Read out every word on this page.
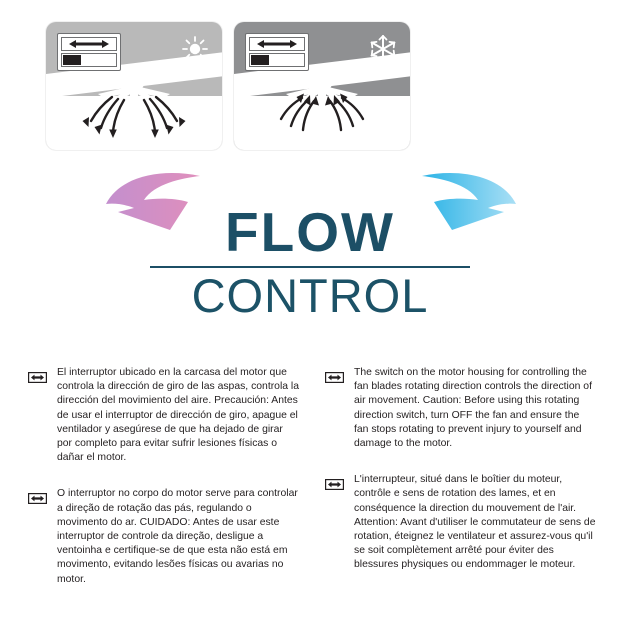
FLOW
CONTROL
El interruptor ubicado en la carcasa del motor que controla la dirección de giro de las aspas, controla la dirección del movimiento del aire. Precaución: Antes de usar el interruptor de dirección de giro, apague el ventilador y asegúrese de que ha dejado de girar por completo para evitar sufrir lesiones físicas o dañar el motor.
O interruptor no corpo do motor serve para controlar a direção de rotação das pás, regulando o movimento do ar. CUIDADO: Antes de usar este interruptor de controle da direção, desligue a ventoinha e certifique-se de que esta não está em movimento, evitando lesões físicas ou avarias no motor.
The switch on the motor housing for controlling the fan blades rotating direction controls the direction of air movement. Caution: Before using this rotating direction switch, turn OFF the fan and ensure the fan stops rotating to prevent injury to yourself and damage to the motor.
L'interrupteur, situé dans le boîtier du moteur, contrôle e sens de rotation des lames, et en conséquence la direction du mouvement de l'air. Attention: Avant d'utiliser le commutateur de sens de rotation, éteignez le ventilateur et assurez-vous qu'il se soit complètement arrêté pour éviter des blessures physiques ou endommager le moteur.
